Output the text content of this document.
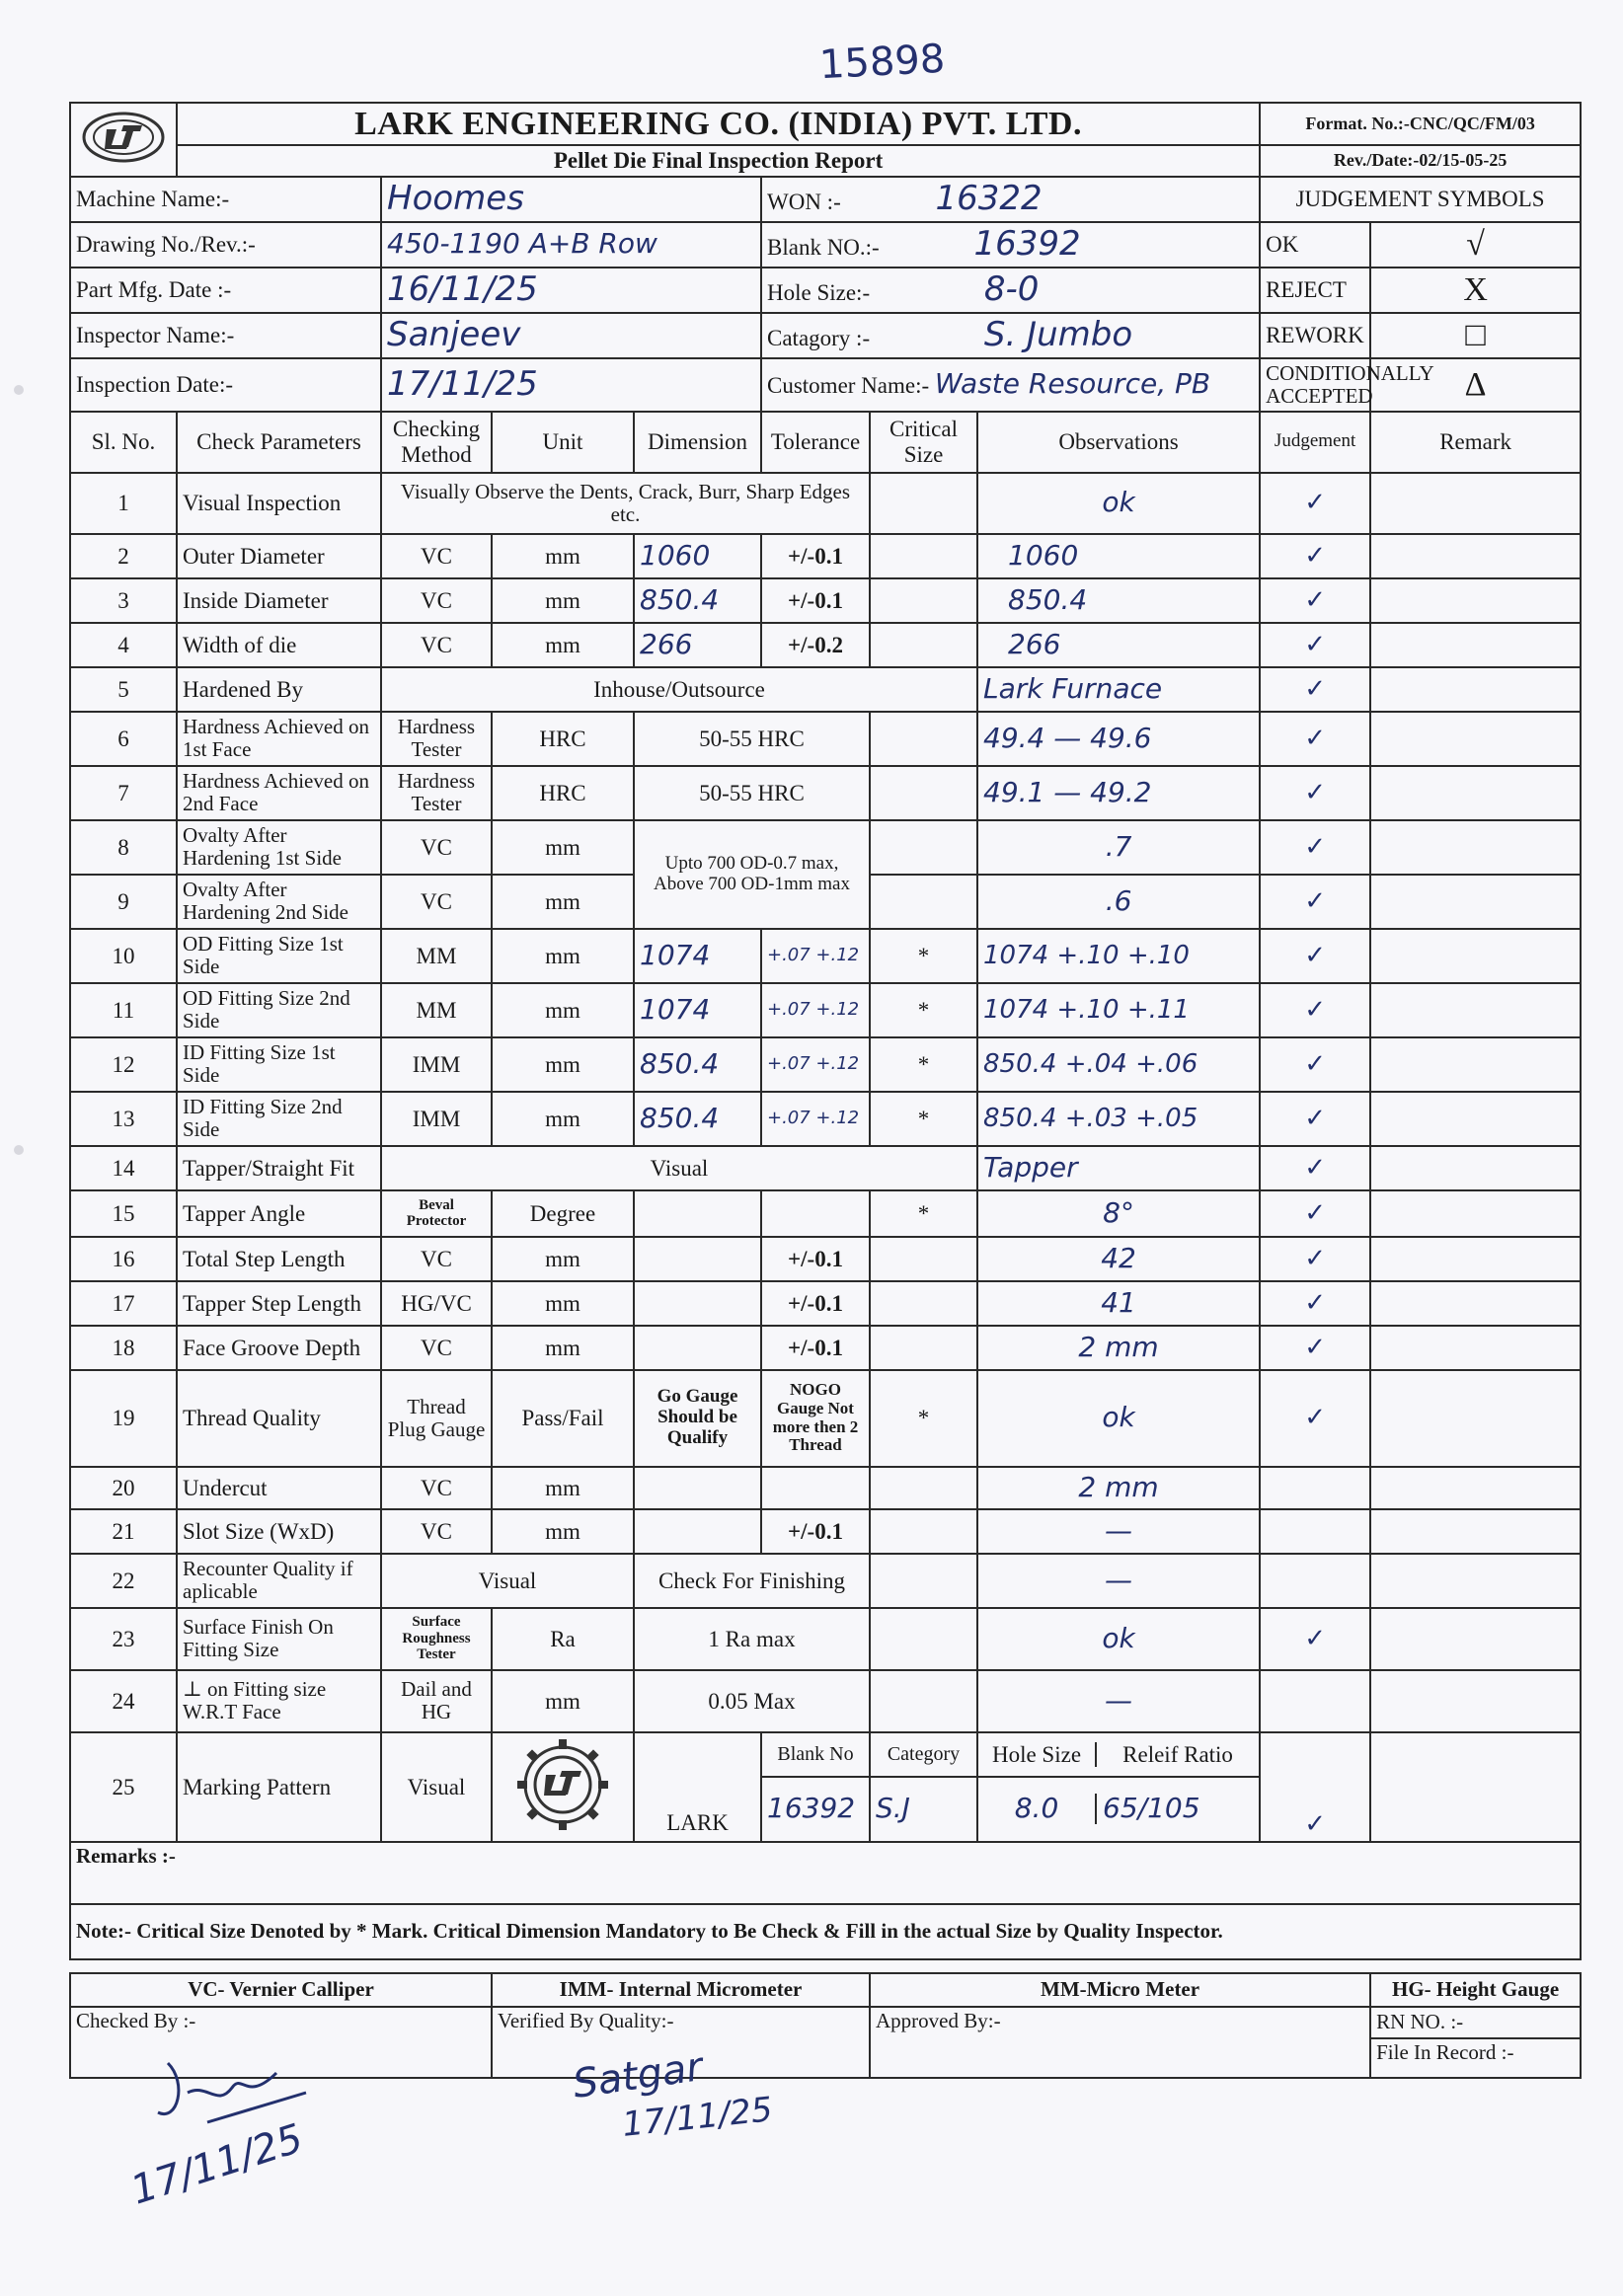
15898
	LARK ENGINEERING CO. (INDIA) PVT. LTD.							Format. No.:-CNC/QC/FM/03	
	Pellet Die Final Inspection Report							Rev./Date:-02/15-05-25	
Machine Name:-		Hoomes			WON :- 16322			JUDGEMENT SYMBOLS	
Drawing No./Rev.:-		450-1190 A+B Row			Blank NO.:- 16392			OK	√
Part Mfg. Date :-		16/11/25			Hole Size:- 8-0			REJECT	X
Inspector Name:-		Sanjeev			Catagory :- S. Jumbo			REWORK	□
Inspection Date:-		17/11/25			Customer Name:- Waste Resource, PB			CONDITIONALLY ACCEPTED	Δ
Sl. No.	Check Parameters	Checking Method	Unit	Dimension	Tolerance	Critical Size	Observations	Judgement	Remark
1	Visual Inspection	Visually Observe the Dents, Crack, Burr, Sharp Edges etc.					ok	✓	
2	Outer Diameter	VC	mm	1060	+/-0.1		1060	✓	
3	Inside Diameter	VC	mm	850.4	+/-0.1		850.4	✓	
4	Width of die	VC	mm	266	+/-0.2		266	✓	
5	Hardened By	Inhouse/Outsource					Lark Furnace	✓	
6	Hardness Achieved on 1st Face	Hardness Tester	HRC	50-55 HRC			49.4 — 49.6	✓	
7	Hardness Achieved on 2nd Face	Hardness Tester	HRC	50-55 HRC			49.1 — 49.2	✓	
8	Ovalty After Hardening 1st Side	VC	mm	Upto 700 OD-0.7 max, Above 700 OD-1mm max			.7	✓	
9	Ovalty After Hardening 2nd Side	VC	mm				.6	✓	
10	OD Fitting Size 1st Side	MM	mm	1074	+.07 +.12	*	1074 +.10 +.10	✓	
11	OD Fitting Size 2nd Side	MM	mm	1074	+.07 +.12	*	1074 +.10 +.11	✓	
12	ID Fitting Size 1st Side	IMM	mm	850.4	+.07 +.12	*	850.4 +.04 +.06	✓	
13	ID Fitting Size 2nd Side	IMM	mm	850.4	+.07 +.12	*	850.4 +.03 +.05	✓	
14	Tapper/Straight Fit	Visual					Tapper	✓	
15	Tapper Angle	Beval Protector	Degree			*	8°	✓	
16	Total Step Length	VC	mm		+/-0.1		42	✓	
17	Tapper Step Length	HG/VC	mm		+/-0.1		41	✓	
18	Face Groove Depth	VC	mm		+/-0.1		2 mm	✓	
19	Thread Quality	Thread Plug Gauge	Pass/Fail	Go Gauge Should be Qualify	NOGO Gauge Not more then 2 Thread	*	ok	✓	
20	Undercut	VC	mm				2 mm		
21	Slot Size (WxD)	VC	mm		+/-0.1		—		
22	Recounter Quality if aplicable	Visual		Check For Finishing			—		
23	Surface Finish On Fitting Size	Surface Roughness Tester	Ra	1 Ra max			ok	✓	
24	⊥ on Fitting size W.R.T Face	Dail and HG	mm	0.05 Max			—		
25	Marking Pattern	Visual		LARK	Blank No	Category	Hole Size Releif Ratio	✓	
					16392	S.J	8.0 65/105		

Remarks :-									
Note:- Critical Size Denoted by * Mark. Critical Dimension Mandatory to Be Check & Fill in the actual Size by Quality Inspector.									

VC- Vernier Calliper			IMM- Internal Micrometer			MM-Micro Meter			HG- Height Gauge
Checked By :-			Verified By Quality:-			Approved By:-			RN NO. :-
									File In Record :-
17/11/25
Satgar
17/11/25
